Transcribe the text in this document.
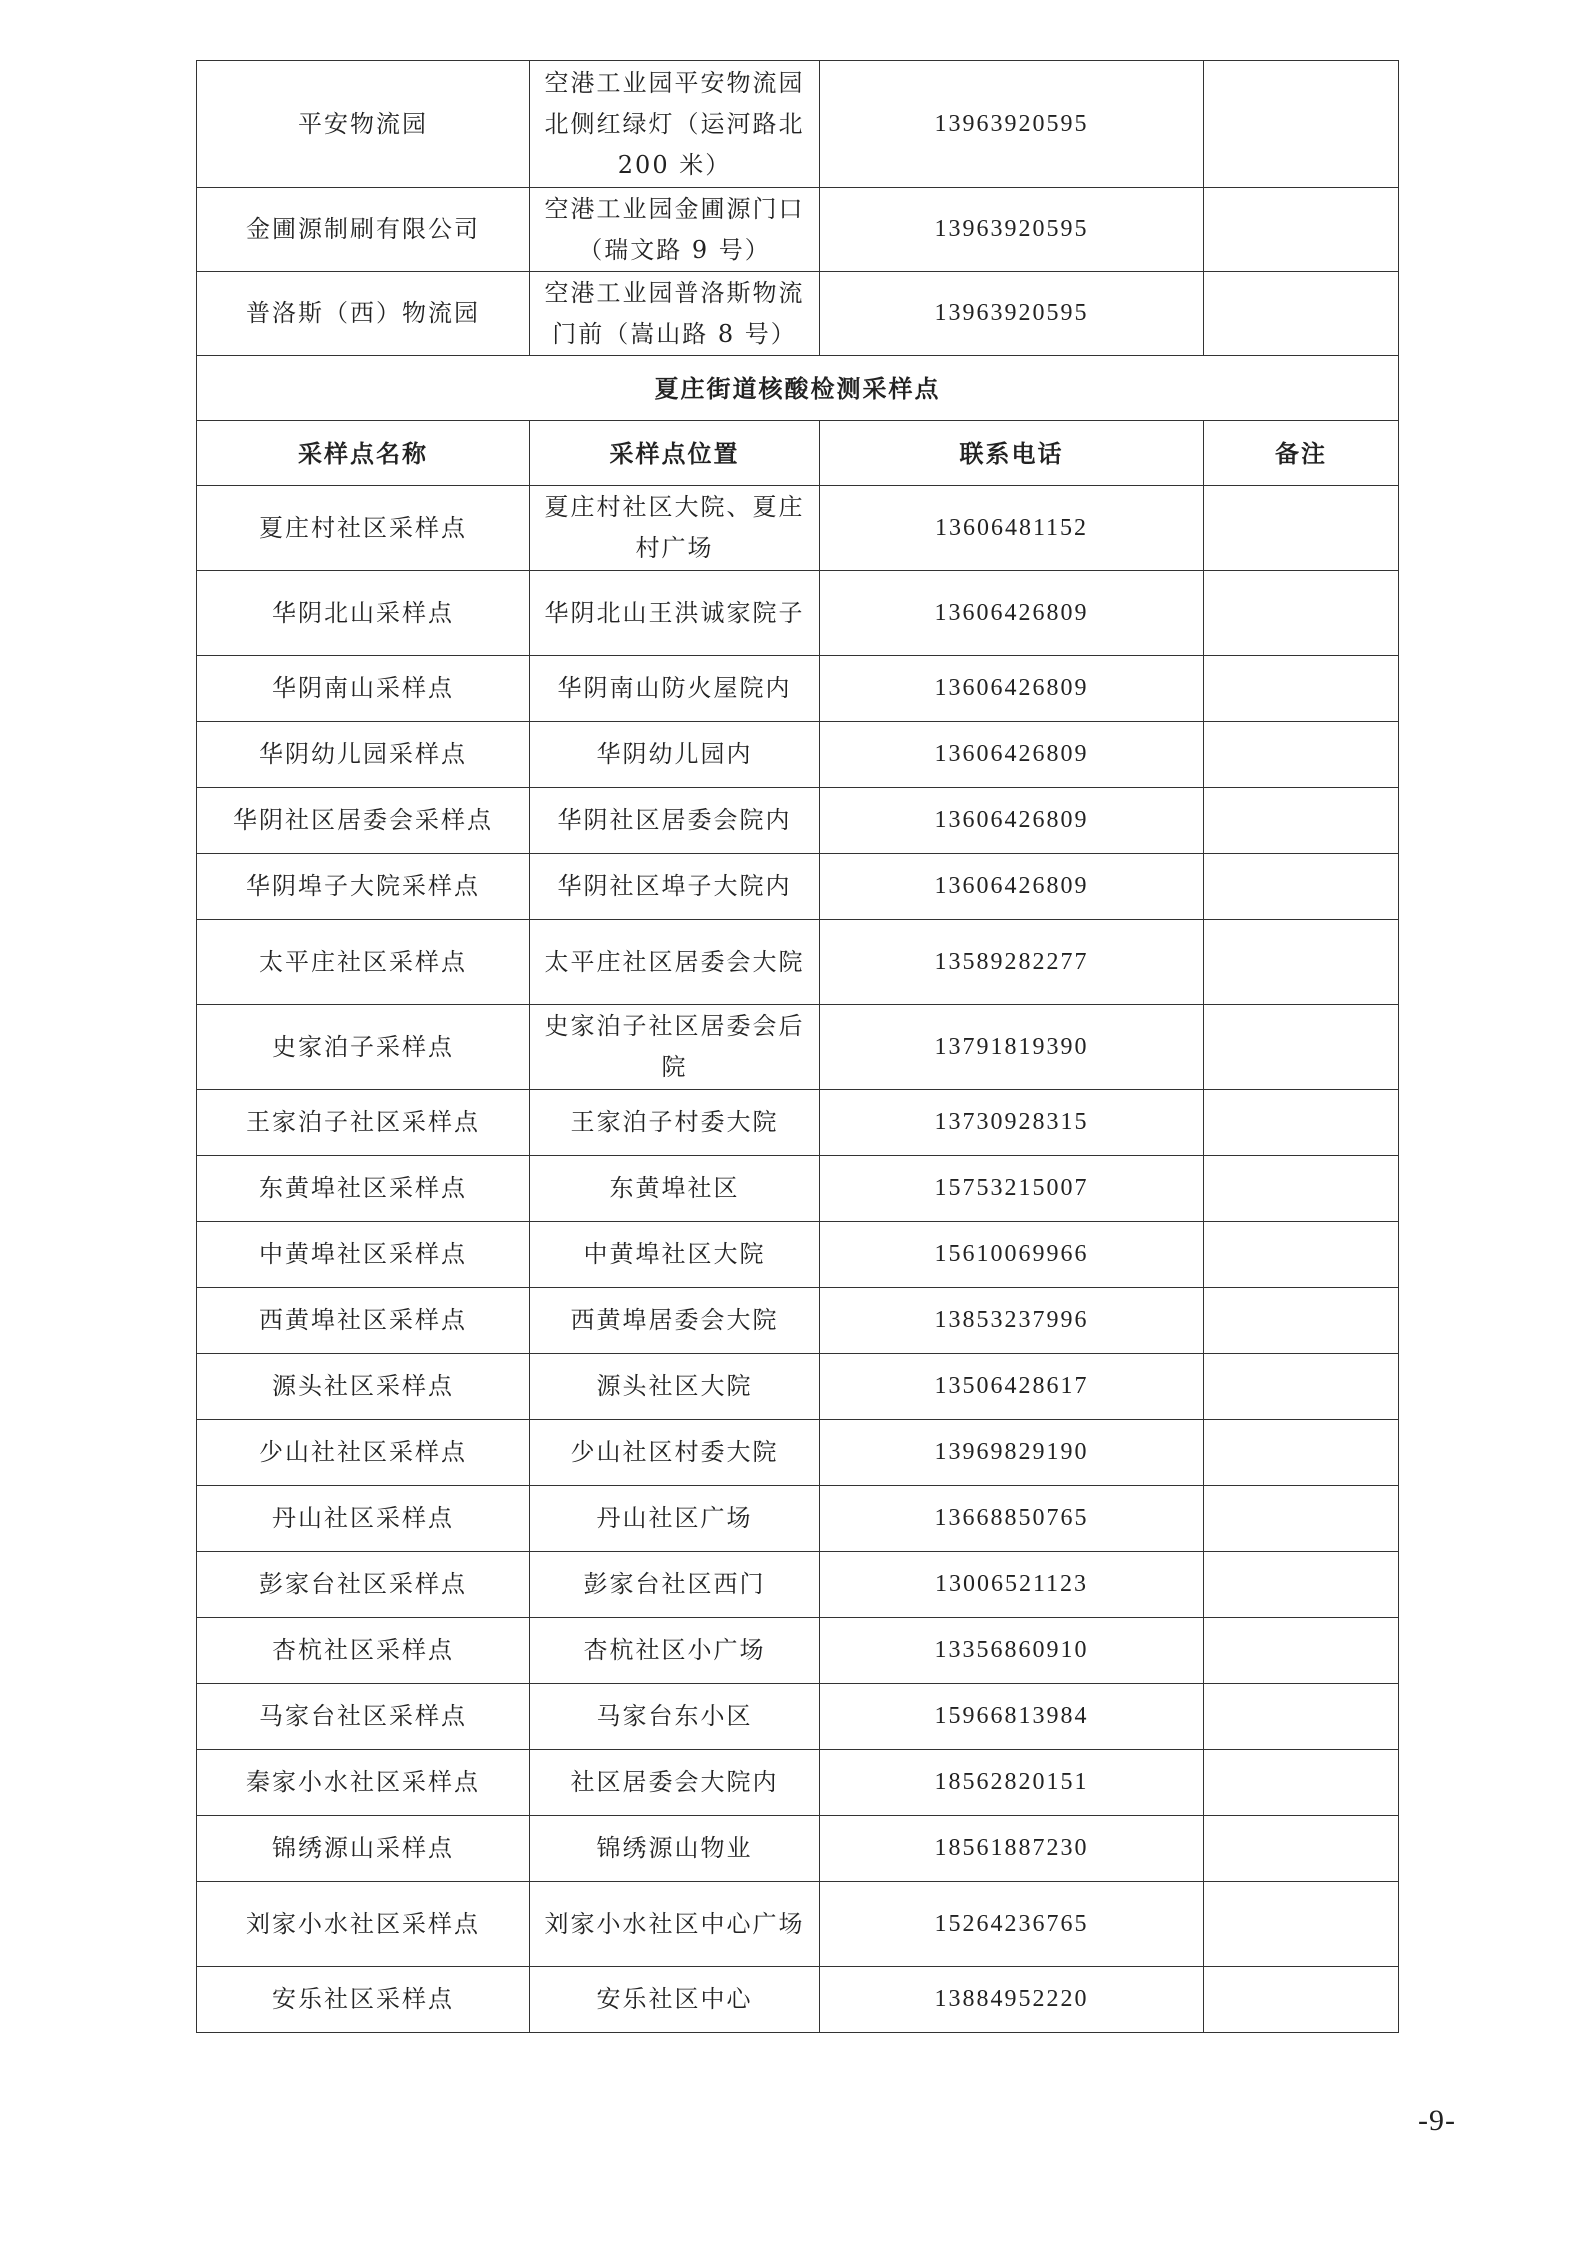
平安物流园	空港工业园平安物流园北侧红绿灯（运河路北 200 米）	13963920595	
金圃源制刷有限公司	空港工业园金圃源门口（瑞文路 9 号）	13963920595	
普洛斯（西）物流园	空港工业园普洛斯物流门前（嵩山路 8 号）	13963920595	
夏庄街道核酸检测采样点			
采样点名称	采样点位置	联系电话	备注
夏庄村社区采样点	夏庄村社区大院、夏庄村广场	13606481152	
华阴北山采样点	华阴北山王洪诚家院子	13606426809	
华阴南山采样点	华阴南山防火屋院内	13606426809	
华阴幼儿园采样点	华阴幼儿园内	13606426809	
华阴社区居委会采样点	华阴社区居委会院内	13606426809	
华阴埠子大院采样点	华阴社区埠子大院内	13606426809	
太平庄社区采样点	太平庄社区居委会大院	13589282277	
史家泊子采样点	史家泊子社区居委会后院	13791819390	
王家泊子社区采样点	王家泊子村委大院	13730928315	
东黄埠社区采样点	东黄埠社区	15753215007	
中黄埠社区采样点	中黄埠社区大院	15610069966	
西黄埠社区采样点	西黄埠居委会大院	13853237996	
源头社区采样点	源头社区大院	13506428617	
少山社社区采样点	少山社区村委大院	13969829190	
丹山社区采样点	丹山社区广场	13668850765	
彭家台社区采样点	彭家台社区西门	13006521123	
杏杭社区采样点	杏杭社区小广场	13356860910	
马家台社区采样点	马家台东小区	15966813984	
秦家小水社区采样点	社区居委会大院内	18562820151	
锦绣源山采样点	锦绣源山物业	18561887230	
刘家小水社区采样点	刘家小水社区中心广场	15264236765	
安乐社区采样点	安乐社区中心	13884952220	
-9-
